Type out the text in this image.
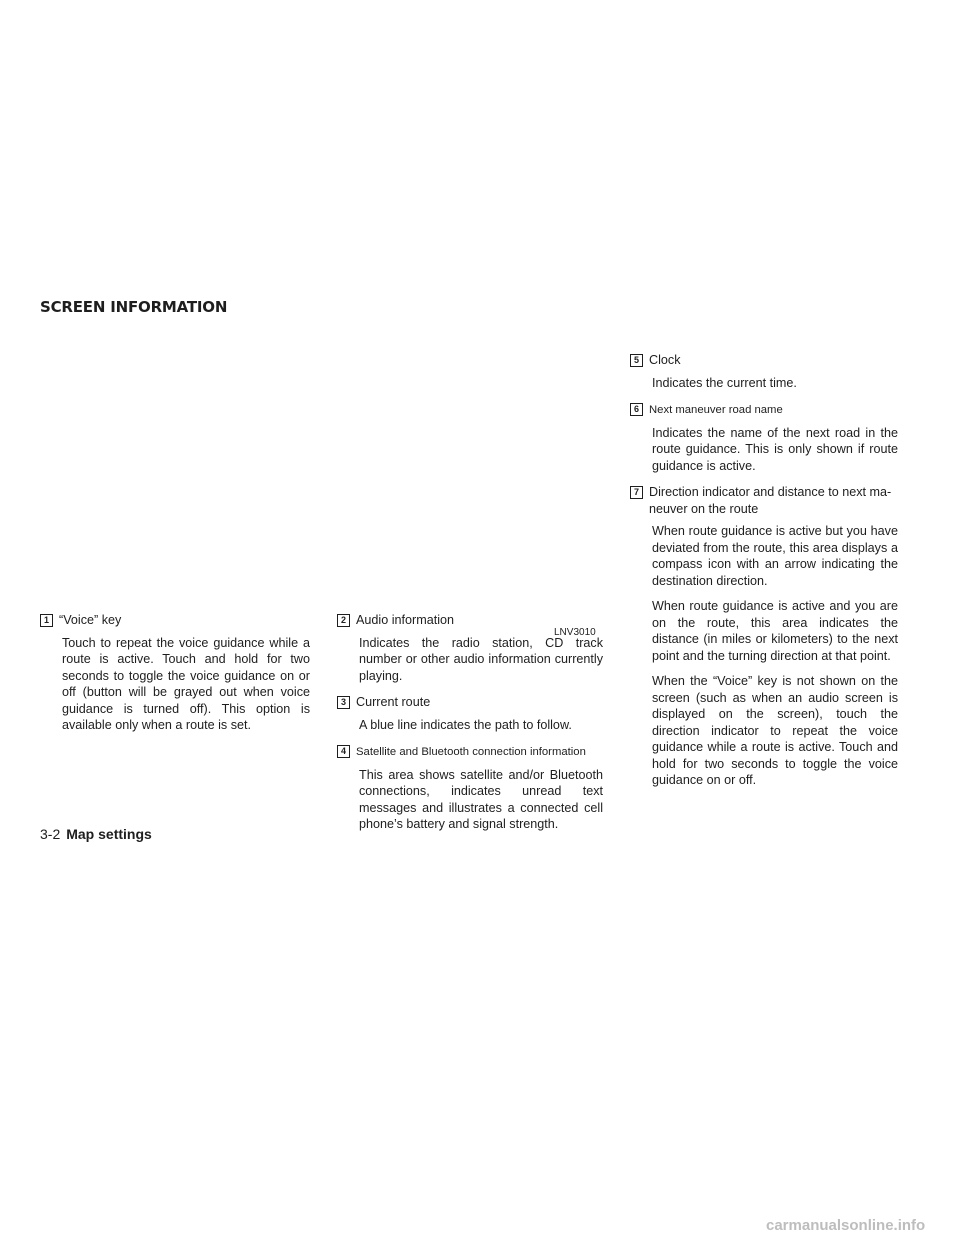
SCREEN INFORMATION
LNV3010
1 “Voice” key

Touch to repeat the voice guidance while a route is active. Touch and hold for two seconds to toggle the voice guidance on or off (button will be grayed out when voice guidance is turned off). This option is available only when a route is set.

2 Audio information

Indicates the radio station, CD track number or other audio information currently playing.

3 Current route

A blue line indicates the path to follow.

4 Satellite and Bluetooth connection information

This area shows satellite and/or Bluetooth connections, indicates unread text messages and illustrates a connected cell phone’s battery and signal strength.

5 Clock

Indicates the current time.

6 Next maneuver road name

Indicates the name of the next road in the route guidance. This is only shown if route guidance is active.

7 Direction indicator and distance to next ma-
neuver on the route

When route guidance is active but you have deviated from the route, this area displays a compass icon with an arrow indicating the destination direction.

When route guidance is active and you are on the route, this area indicates the distance (in miles or kilometers) to the next point and the turning direction at that point.

When the “Voice” key is not shown on the screen (such as when an audio screen is displayed on the screen), touch the direction indicator to repeat the voice guidance while a route is active. Touch and hold for two seconds to toggle the voice guidance on or off.

3-2 Map settings
carmanualsonline.info
